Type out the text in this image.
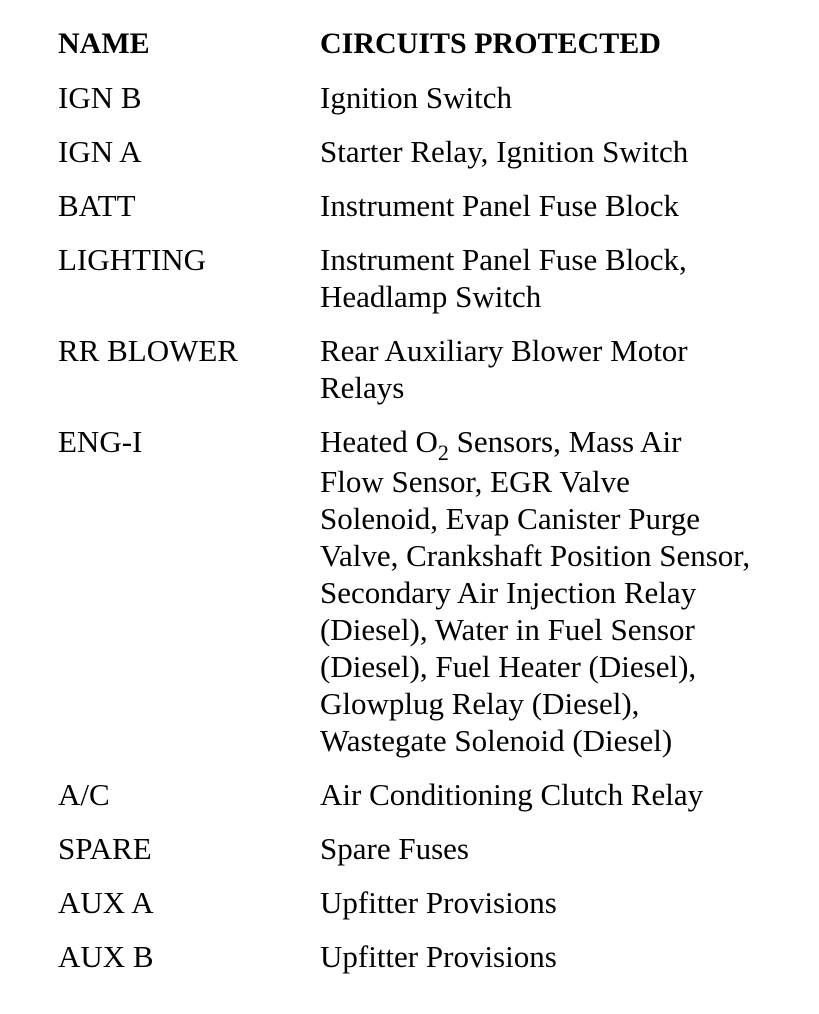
NAME	CIRCUITS PROTECTED
IGN B	Ignition Switch
IGN A	Starter Relay, Ignition Switch
BATT	Instrument Panel Fuse Block
LIGHTING	Instrument Panel Fuse Block,
Headlamp Switch
RR BLOWER	Rear Auxiliary Blower Motor
Relays
ENG-I	Heated $O_2$ Sensors, Mass Air
Flow Sensor, EGR Valve
Solenoid, Evap Canister Purge
Valve, Crankshaft Position Sensor,
Secondary Air Injection Relay
(Diesel), Water in Fuel Sensor
(Diesel), Fuel Heater (Diesel),
Glowplug Relay (Diesel),
Wastegate Solenoid (Diesel)
A/C	Air Conditioning Clutch Relay
SPARE	Spare Fuses
AUX A	Upfitter Provisions
AUX B	Upfitter Provisions
